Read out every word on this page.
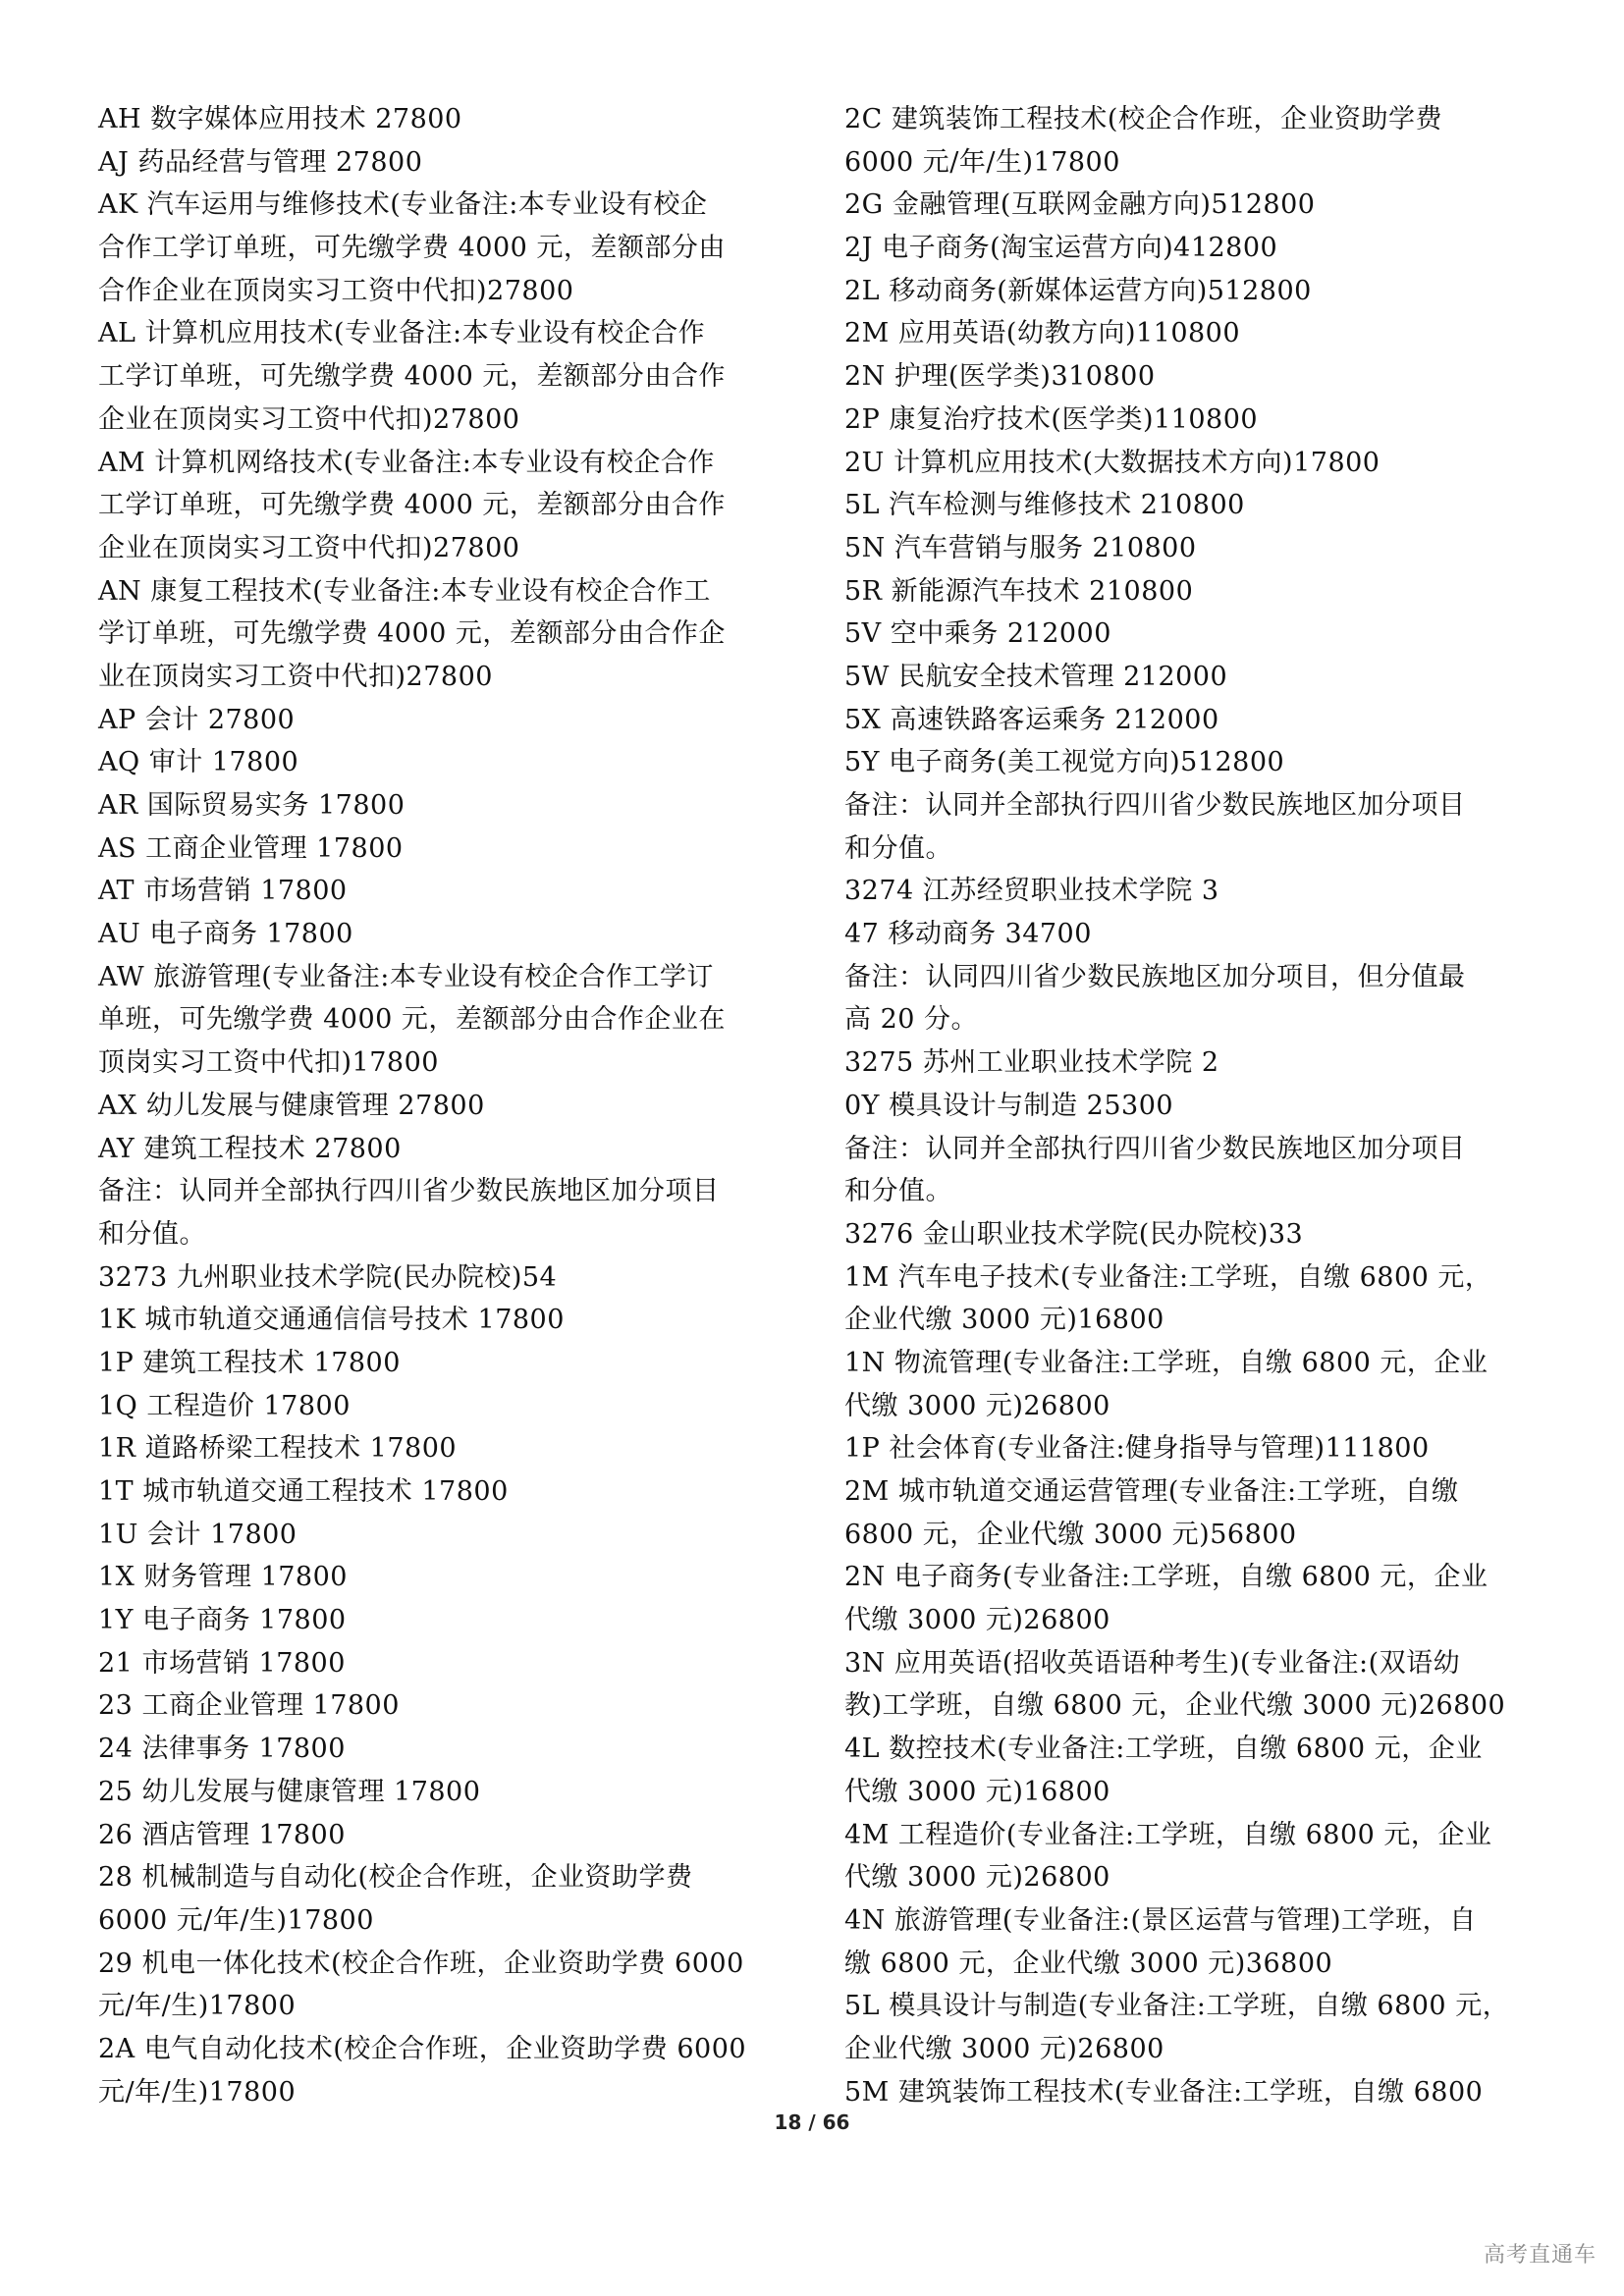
AH 数字媒体应用技术 27800
AJ 药品经营与管理 27800
AK 汽车运用与维修技术(专业备注:本专业设有校企
合作工学订单班，可先缴学费 4000 元，差额部分由
合作企业在顶岗实习工资中代扣)27800
AL 计算机应用技术(专业备注:本专业设有校企合作
工学订单班，可先缴学费 4000 元，差额部分由合作
企业在顶岗实习工资中代扣)27800
AM 计算机网络技术(专业备注:本专业设有校企合作
工学订单班，可先缴学费 4000 元，差额部分由合作
企业在顶岗实习工资中代扣)27800
AN 康复工程技术(专业备注:本专业设有校企合作工
学订单班，可先缴学费 4000 元，差额部分由合作企
业在顶岗实习工资中代扣)27800
AP 会计 27800
AQ 审计 17800
AR 国际贸易实务 17800
AS 工商企业管理 17800
AT 市场营销 17800
AU 电子商务 17800
AW 旅游管理(专业备注:本专业设有校企合作工学订
单班，可先缴学费 4000 元，差额部分由合作企业在
顶岗实习工资中代扣)17800
AX 幼儿发展与健康管理 27800
AY 建筑工程技术 27800
备注：认同并全部执行四川省少数民族地区加分项目
和分值。
3273 九州职业技术学院(民办院校)54
1K 城市轨道交通通信信号技术 17800
1P 建筑工程技术 17800
1Q 工程造价 17800
1R 道路桥梁工程技术 17800
1T 城市轨道交通工程技术 17800
1U 会计 17800
1X 财务管理 17800
1Y 电子商务 17800
21 市场营销 17800
23 工商企业管理 17800
24 法律事务 17800
25 幼儿发展与健康管理 17800
26 酒店管理 17800
28 机械制造与自动化(校企合作班，企业资助学费
6000 元/年/生)17800
29 机电一体化技术(校企合作班，企业资助学费 6000
元/年/生)17800
2A 电气自动化技术(校企合作班，企业资助学费 6000
元/年/生)17800
2C 建筑装饰工程技术(校企合作班，企业资助学费
6000 元/年/生)17800
2G 金融管理(互联网金融方向)512800
2J 电子商务(淘宝运营方向)412800
2L 移动商务(新媒体运营方向)512800
2M 应用英语(幼教方向)110800
2N 护理(医学类)310800
2P 康复治疗技术(医学类)110800
2U 计算机应用技术(大数据技术方向)17800
5L 汽车检测与维修技术 210800
5N 汽车营销与服务 210800
5R 新能源汽车技术 210800
5V 空中乘务 212000
5W 民航安全技术管理 212000
5X 高速铁路客运乘务 212000
5Y 电子商务(美工视觉方向)512800
备注：认同并全部执行四川省少数民族地区加分项目
和分值。
3274 江苏经贸职业技术学院 3
47 移动商务 34700
备注：认同四川省少数民族地区加分项目，但分值最
高 20 分。
3275 苏州工业职业技术学院 2
0Y 模具设计与制造 25300
备注：认同并全部执行四川省少数民族地区加分项目
和分值。
3276 金山职业技术学院(民办院校)33
1M 汽车电子技术(专业备注:工学班，自缴 6800 元，
企业代缴 3000 元)16800
1N 物流管理(专业备注:工学班，自缴 6800 元，企业
代缴 3000 元)26800
1P 社会体育(专业备注:健身指导与管理)111800
2M 城市轨道交通运营管理(专业备注:工学班，自缴
6800 元，企业代缴 3000 元)56800
2N 电子商务(专业备注:工学班，自缴 6800 元，企业
代缴 3000 元)26800
3N 应用英语(招收英语语种考生)(专业备注:(双语幼
教)工学班，自缴 6800 元，企业代缴 3000 元)26800
4L 数控技术(专业备注:工学班，自缴 6800 元，企业
代缴 3000 元)16800
4M 工程造价(专业备注:工学班，自缴 6800 元，企业
代缴 3000 元)26800
4N 旅游管理(专业备注:(景区运营与管理)工学班，自
缴 6800 元，企业代缴 3000 元)36800
5L 模具设计与制造(专业备注:工学班，自缴 6800 元，
企业代缴 3000 元)26800
5M 建筑装饰工程技术(专业备注:工学班，自缴 6800
18 / 66
高考直通车
